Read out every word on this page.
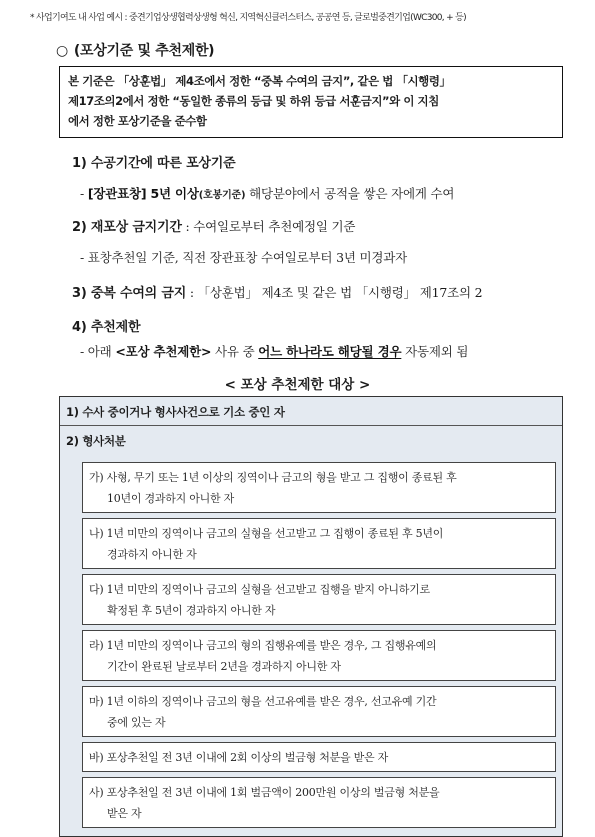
* 사업기여도 내 사업 예시 : 중견기업상생협력상생형 혁신, 지역혁신클러스터스, 공공연 등, 글로벌중견기업(WC300, + 등)
○ (포상기준 및 추천제한)
본 기준은 「상훈법」 제4조에서 정한 “중복 수여의 금지”, 같은 법 「시행령」
제17조의2에서 정한 “동일한 종류의 등급 및 하위 등급 서훈금지”와 이 지침
에서 정한 포상기준을 준수함
1) 수공기간에 따른 포상기준
- [장관표창] 5년 이상(호봉기준) 해당분야에서 공적을 쌓은 자에게 수여
2) 재포상 금지기간 : 수여일로부터 추천예정일 기준
- 표창추천일 기준, 직전 장관표창 수여일로부터 3년 미경과자
3) 중복 수여의 금지 : 「상훈법」 제4조 및 같은 법 「시행령」 제17조의 2
4) 추천제한
- 아래 <포상 추천제한> 사유 중 어느 하나라도 해당될 경우 자동제외 됨
< 포상 추천제한 대상 >
1) 수사 중이거나 형사사건으로 기소 중인 자
2) 형사처분
가) 사형, 무기 또는 1년 이상의 징역이나 금고의 형을 받고 그 집행이 종료된 후
10년이 경과하지 아니한 자
나) 1년 미만의 징역이나 금고의 실형을 선고받고 그 집행이 종료된 후 5년이
경과하지 아니한 자
다) 1년 미만의 징역이나 금고의 실형을 선고받고 집행을 받지 아니하기로
확정된 후 5년이 경과하지 아니한 자
라) 1년 미만의 징역이나 금고의 형의 집행유예를 받은 경우, 그 집행유예의
기간이 완료된 날로부터 2년을 경과하지 아니한 자
마) 1년 이하의 징역이나 금고의 형을 선고유예를 받은 경우, 선고유예 기간
중에 있는 자
바) 포상추천일 전 3년 이내에 2회 이상의 벌금형 처분을 받은 자
사) 포상추천일 전 3년 이내에 1회 벌금액이 200만원 이상의 벌금형 처분을
받은 자
